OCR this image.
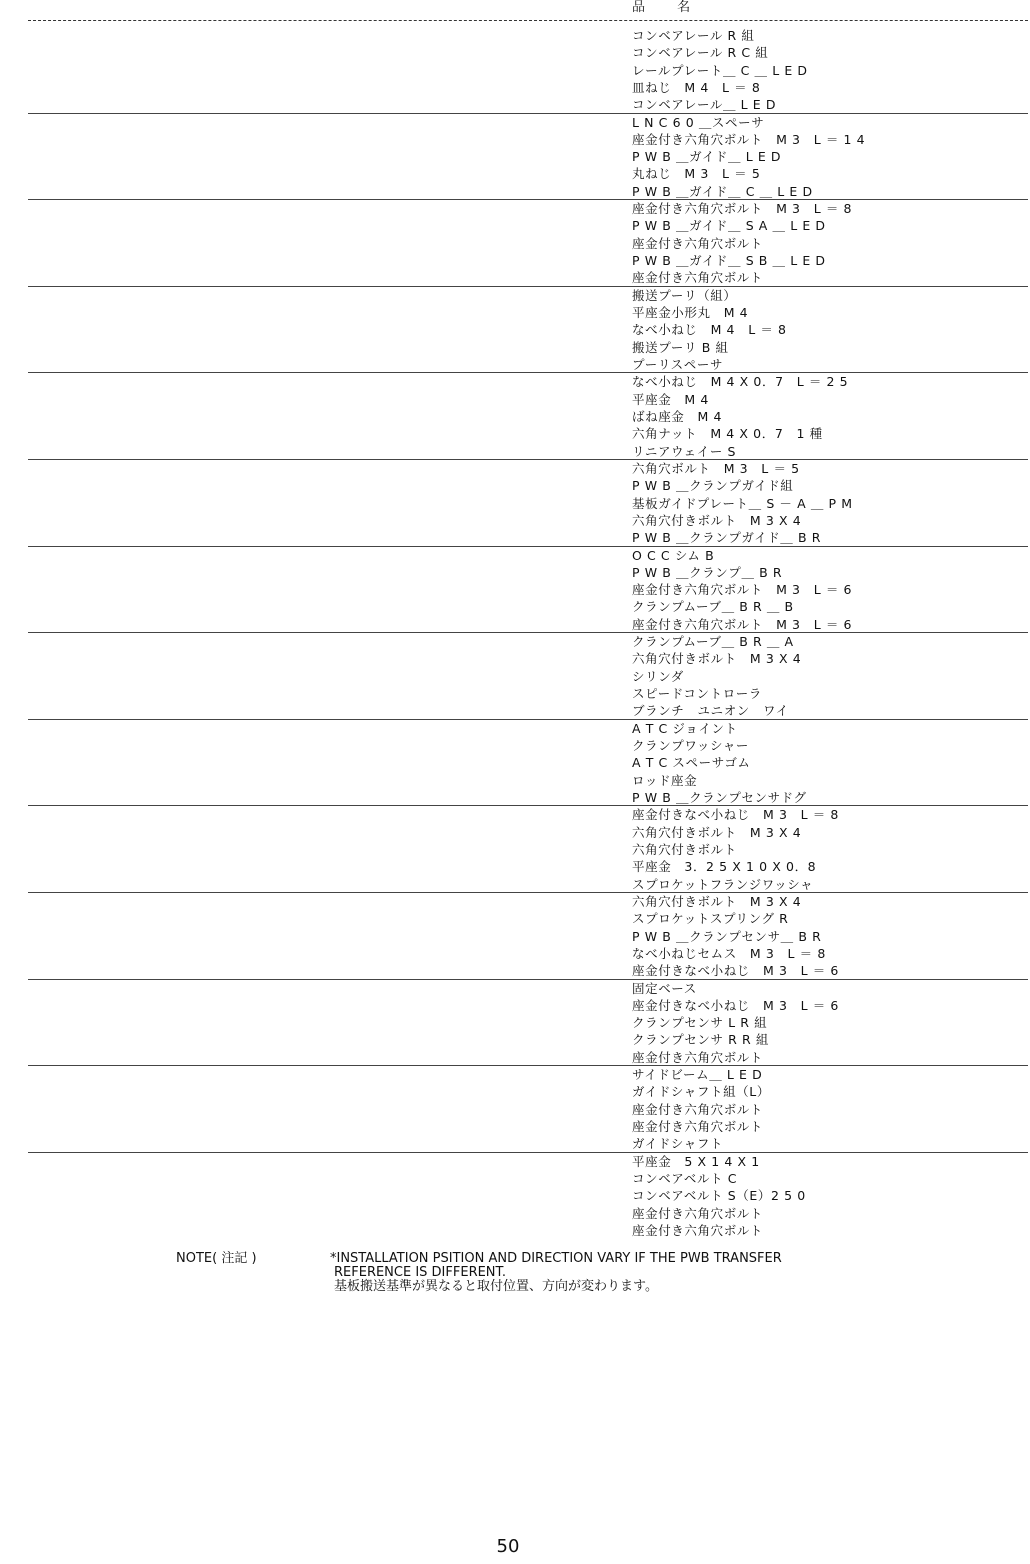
品 名
コンベアレール R 組
コンベアレール R C 組
レールプレート＿ C ＿ L E D
皿ねじ　M 4　L ＝ 8
コンベアレール＿ L E D
L N C 6 0 ＿スペーサ
座金付き六角穴ボルト　M 3　L ＝ 1 4
P W B ＿ガイド＿ L E D
丸ねじ　M 3　L ＝ 5
P W B ＿ガイド＿ C ＿ L E D
座金付き六角穴ボルト　M 3　L ＝ 8
P W B ＿ガイド＿ S A ＿ L E D
座金付き六角穴ボルト
P W B ＿ガイド＿ S B ＿ L E D
座金付き六角穴ボルト
搬送プーリ（組）
平座金小形丸　M 4
なべ小ねじ　M 4　L ＝ 8
搬送プーリ B 組
プーリスペーサ
なべ小ねじ　M 4 X 0．7　L ＝ 2 5
平座金　M 4
ばね座金　M 4
六角ナット　M 4 X 0．7　1 種
リニアウェイー S
六角穴ボルト　M 3　L ＝ 5
P W B ＿クランプガイド組
基板ガイドプレート＿ S － A ＿ P M
六角穴付きボルト　M 3 X 4
P W B ＿クランプガイド＿ B R
O C C シム B
P W B ＿クランプ＿ B R
座金付き六角穴ボルト　M 3　L ＝ 6
クランプムーブ＿ B R ＿ B
座金付き六角穴ボルト　M 3　L ＝ 6
クランプムーブ＿ B R ＿ A
六角穴付きボルト　M 3 X 4
シリンダ
スピードコントローラ
ブランチ　ユニオン　ワイ
A T C ジョイント
クランプワッシャー
A T C スペーサゴム
ロッド座金
P W B ＿クランプセンサドグ
座金付きなべ小ねじ　M 3　L ＝ 8
六角穴付きボルト　M 3 X 4
六角穴付きボルト
平座金　3．2 5 X 1 0 X 0．8
スプロケットフランジワッシャ
六角穴付きボルト　M 3 X 4
スプロケットスプリング R
P W B ＿クランプセンサ＿ B R
なべ小ねじセムス　M 3　L ＝ 8
座金付きなべ小ねじ　M 3　L ＝ 6
固定ベース
座金付きなべ小ねじ　M 3　L ＝ 6
クランプセンサ L R 組
クランプセンサ R R 組
座金付き六角穴ボルト
サイドビーム＿ L E D
ガイドシャフト組（L）
座金付き六角穴ボルト
座金付き六角穴ボルト
ガイドシャフト
平座金　5 X 1 4 X 1
コンベアベルト C
コンベアベルト S（E）2 5 0
座金付き六角穴ボルト
座金付き六角穴ボルト
NOTE( 注記 )	*INSTALLATION PSITION AND DIRECTION VARY IF THE PWB TRANSFER
REFERENCE IS DIFFERENT.
基板搬送基準が異なると取付位置、方向が変わります。
50
